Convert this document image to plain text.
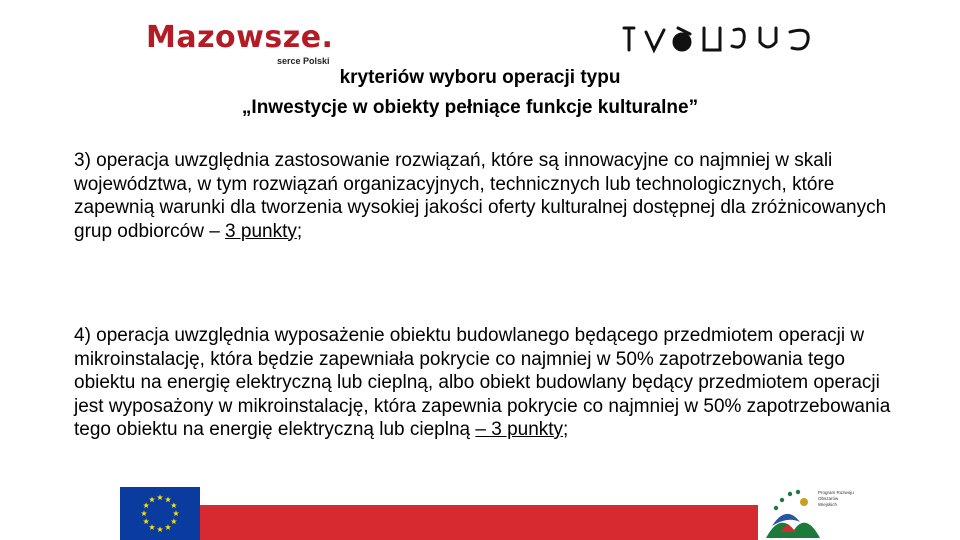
Mazowsze.
serce Polski
kryteriów wyboru operacji typu
„Inwestycje w obiekty pełniące funkcje kulturalne”

3) operacja uwzględnia zastosowanie rozwiązań, które są innowacyjne co najmniej w skali województwa, w tym rozwiązań organizacyjnych, technicznych lub technologicznych, które zapewnią warunki dla tworzenia wysokiej jakości oferty kulturalnej dostępnej dla zróżnicowanych grup odbiorców – 3 punkty;

4) operacja uwzględnia wyposażenie obiektu budowlanego będącego przedmiotem operacji w mikroinstalację, która będzie zapewniała pokrycie co najmniej w 50% zapotrzebowania tego obiektu na energię elektryczną lub cieplną, albo obiekt budowlany będący przedmiotem operacji jest wyposażony w mikroinstalację, która zapewnia pokrycie co najmniej w 50% zapotrzebowania tego obiektu na energię elektryczną lub cieplną – 3 punkty;

Program Rozwoju Obszarów Wiejskich
